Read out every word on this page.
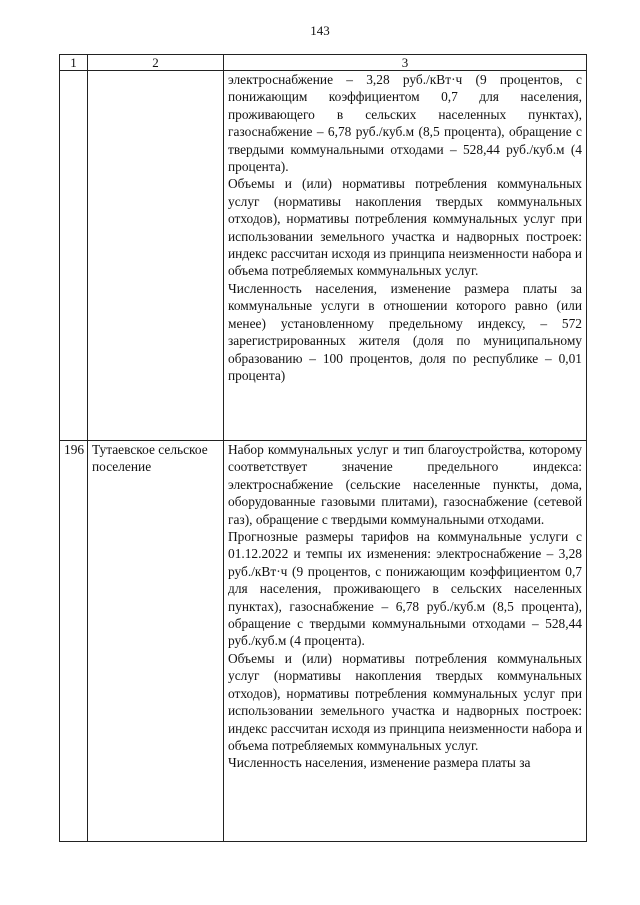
143
1	2	3

		электроснабжение – 3,28 руб./кВт·ч (9 процентов, с понижающим коэффициентом 0,7 для населения, проживающего в сельских населенных пунктах), газоснабжение – 6,78 руб./куб.м (8,5 процента), обращение с твердыми коммунальными отходами – 528,44 руб./куб.м (4 процента).

Объемы и (или) нормативы потребления коммунальных услуг (нормативы накопления твердых коммунальных отходов), нормативы потребления коммунальных услуг при использовании земельного участка и надворных построек: индекс рассчитан исходя из принципа неизменности набора и объема потребляемых коммунальных услуг.

Численность населения, изменение размера платы за коммунальные услуги в отношении которого равно (или менее) установленному предельному индексу, – 572 зарегистрированных жителя (доля по муниципальному образованию – 100 процентов, доля по республике – 0,01 процента)

196	Тутаевское сельское поселение	Набор коммунальных услуг и тип благоустройства, которому соответствует значение предельного индекса: электроснабжение (сельские населенные пункты, дома, оборудованные газовыми плитами), газоснабжение (сетевой газ), обращение с твердыми коммунальными отходами.

Прогнозные размеры тарифов на коммунальные услуги с 01.12.2022 и темпы их изменения: электроснабжение – 3,28 руб./кВт·ч (9 процентов, с понижающим коэффициентом 0,7 для населения, проживающего в сельских населенных пунктах), газоснабжение – 6,78 руб./куб.м (8,5 процента), обращение с твердыми коммунальными отходами – 528,44 руб./куб.м (4 процента).

Объемы и (или) нормативы потребления коммунальных услуг (нормативы накопления твердых коммунальных отходов), нормативы потребления коммунальных услуг при использовании земельного участка и надворных построек: индекс рассчитан исходя из принципа неизменности набора и объема потребляемых коммунальных услуг.

Численность населения, изменение размера платы за
